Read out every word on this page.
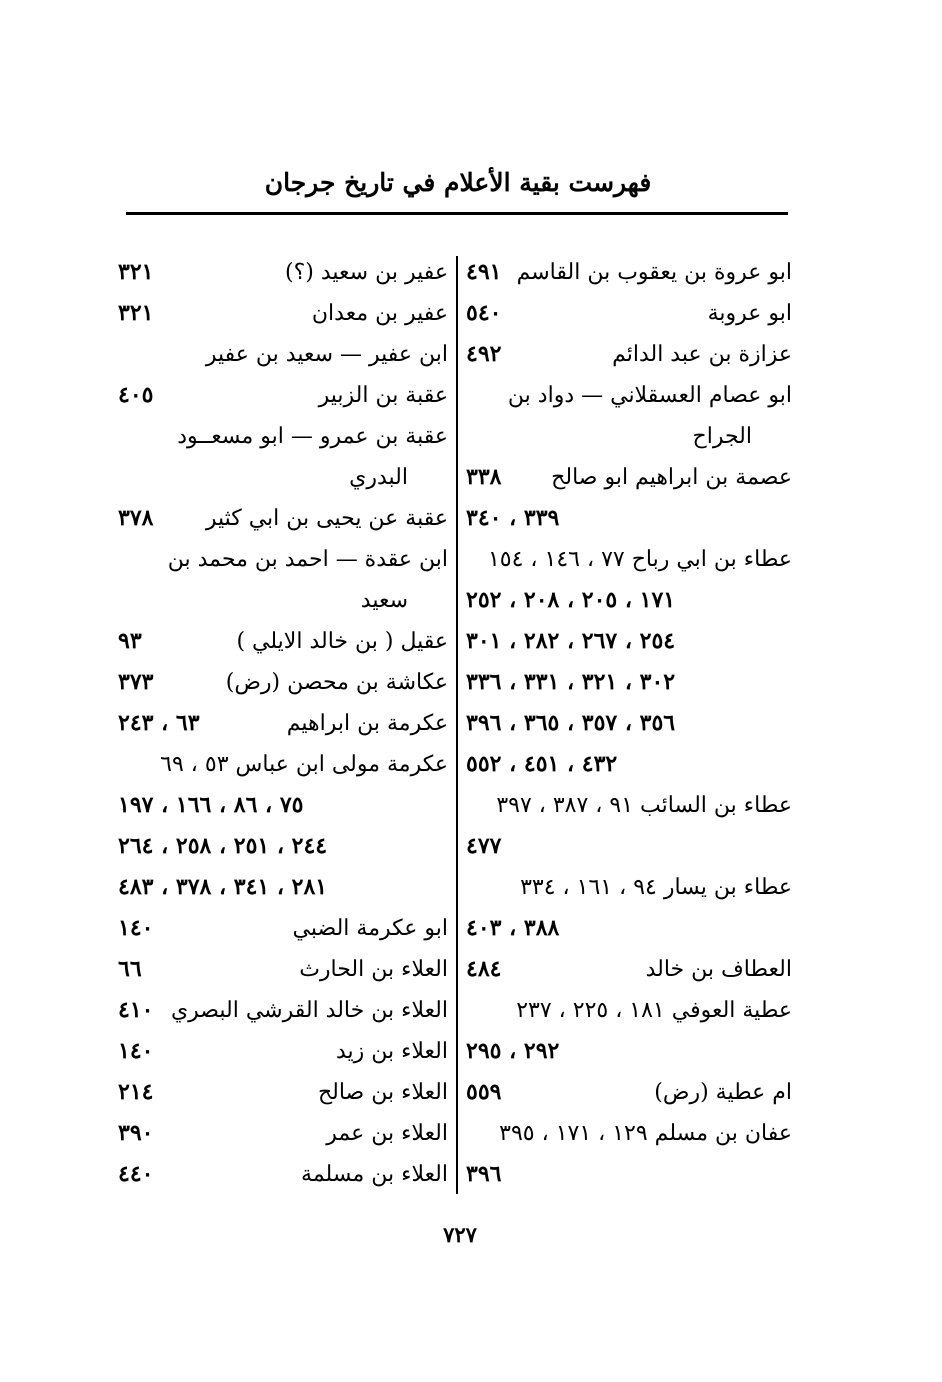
فهرست بقية الأعلام في تاريخ جرجان
ابو عروة بن يعقوب بن القاسم
٤٩١
ابو عروبة
٥٤٠
عزازة بن عبد الدائم
٤٩٢
ابو عصام العسقلاني — دواد بن
الجراح
عصمة بن ابراهيم ابو صالح
٣٣٨
٣٣٩ ، ٣٤٠
عطاء بن ابي رباح ٧٧ ، ١٤٦ ، ١٥٤
١٧١ ، ٢٠٥ ، ٢٠٨ ، ٢٥٢
٢٥٤ ، ٢٦٧ ، ٢٨٢ ، ٣٠١
٣٠٢ ، ٣٢١ ، ٣٣١ ، ٣٣٦
٣٥٦ ، ٣٥٧ ، ٣٦٥ ، ٣٩٦
٤٣٢ ، ٤٥١ ، ٥٥٢
عطاء بن السائب ٩١ ، ٣٨٧ ، ٣٩٧
٤٧٧
عطاء بن يسار ٩٤ ، ١٦١ ، ٣٣٤
٣٨٨ ، ٤٠٣
العطاف بن خالد
٤٨٤
عطية العوفي ١٨١ ، ٢٢٥ ، ٢٣٧
٢٩٢ ، ٢٩٥
ام عطية (رض)
٥٥٩
عفان بن مسلم ١٢٩ ، ١٧١ ، ٣٩٥
٣٩٦
عفير بن سعيد (؟)
٣٢١
عفير بن معدان
٣٢١
ابن عفير — سعيد بن عفير
عقبة بن الزبير
٤٠٥
عقبة بن عمرو — ابو مسعــود
البدري
عقبة عن يحيى بن ابي كثير
٣٧٨
ابن عقدة — احمد بن محمد بن
سعيد
عقيل ( بن خالد الايلي )
٩٣
عكاشة بن محصن (رض)
٣٧٣
عكرمة بن ابراهيم
٦٣ ، ٢٤٣
عكرمة مولى ابن عباس ٥٣ ، ٦٩
٧٥ ، ٨٦ ، ١٦٦ ، ١٩٧
٢٤٤ ، ٢٥١ ، ٢٥٨ ، ٢٦٤
٢٨١ ، ٣٤١ ، ٣٧٨ ، ٤٨٣
ابو عكرمة الضبي
١٤٠
العلاء بن الحارث
٦٦
العلاء بن خالد القرشي البصري
٤١٠
العلاء بن زيد
١٤٠
العلاء بن صالح
٢١٤
العلاء بن عمر
٣٩٠
العلاء بن مسلمة
٤٤٠
٧٢٧
